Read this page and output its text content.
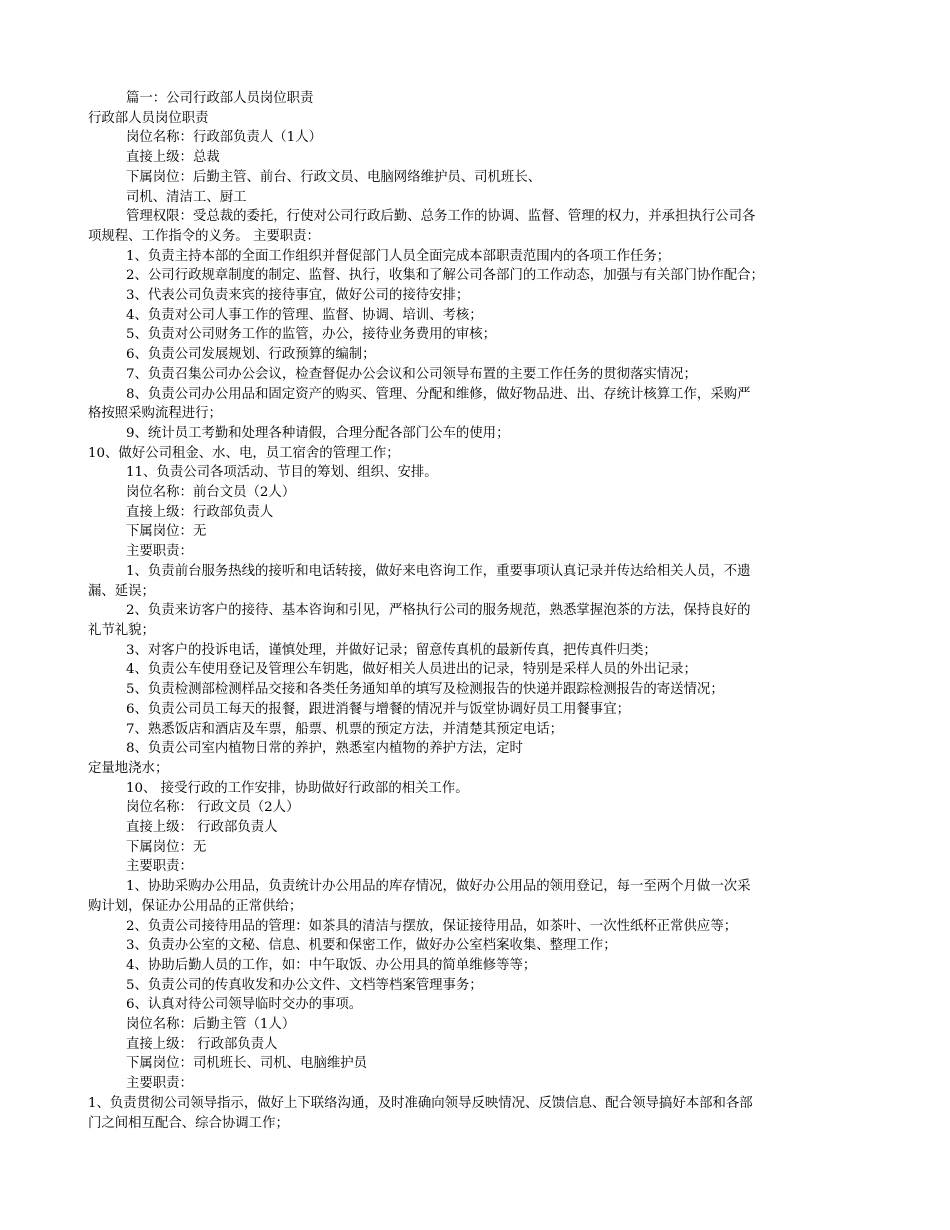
篇一：公司行政部人员岗位职责
行政部人员岗位职责
岗位名称：行政部负责人（1人）
直接上级：总裁
下属岗位：后勤主管、前台、行政文员、电脑网络维护员、司机班长、
司机、清洁工、厨工
管理权限：受总裁的委托，行使对公司行政后勤、总务工作的协调、监督、管理的权力，并承担执行公司各
项规程、工作指令的义务。 主要职责：
1、负责主持本部的全面工作组织并督促部门人员全面完成本部职责范围内的各项工作任务；
2、公司行政规章制度的制定、监督、执行，收集和了解公司各部门的工作动态，加强与有关部门协作配合；
3、代表公司负责来宾的接待事宜，做好公司的接待安排；
4、负责对公司人事工作的管理、监督、协调、培训、考核；
5、负责对公司财务工作的监管，办公，接待业务费用的审核；
6、负责公司发展规划、行政预算的编制；
7、负责召集公司办公会议，检查督促办公会议和公司领导布置的主要工作任务的贯彻落实情况；
8、负责公司办公用品和固定资产的购买、管理、分配和维修，做好物品进、出、存统计核算工作，采购严
格按照采购流程进行；
9、统计员工考勤和处理各种请假，合理分配各部门公车的使用；
10、做好公司租金、水、电，员工宿舍的管理工作；
11、负责公司各项活动、节目的筹划、组织、安排。
岗位名称：前台文员（2人）
直接上级：行政部负责人
下属岗位：无
主要职责：
1、负责前台服务热线的接听和电话转接，做好来电咨询工作，重要事项认真记录并传达给相关人员，不遗
漏、延误；
2、负责来访客户的接待、基本咨询和引见，严格执行公司的服务规范，熟悉掌握泡茶的方法，保持良好的
礼节礼貌；
3、对客户的投诉电话，谨慎处理，并做好记录；留意传真机的最新传真，把传真件归类；
4、负责公车使用登记及管理公车钥匙，做好相关人员进出的记录，特别是采样人员的外出记录；
5、负责检测部检测样品交接和各类任务通知单的填写及检测报告的快递并跟踪检测报告的寄送情况；
6、负责公司员工每天的报餐，跟进消餐与增餐的情况并与饭堂协调好员工用餐事宜；
7、熟悉饭店和酒店及车票，船票、机票的预定方法，并清楚其预定电话；
8、负责公司室内植物日常的养护，熟悉室内植物的养护方法，定时
定量地浇水；
10、 接受行政的工作安排，协助做好行政部的相关工作。
岗位名称： 行政文员（2人）
直接上级： 行政部负责人
下属岗位：无
主要职责：
1、协助采购办公用品，负责统计办公用品的库存情况，做好办公用品的领用登记，每一至两个月做一次采
购计划，保证办公用品的正常供给；
2、负责公司接待用品的管理：如茶具的清洁与摆放，保证接待用品，如茶叶、一次性纸杯正常供应等；
3、负责办公室的文秘、信息、机要和保密工作，做好办公室档案收集、整理工作；
4、协助后勤人员的工作，如：中午取饭、办公用具的简单维修等等；
5、负责公司的传真收发和办公文件、文档等档案管理事务；
6、认真对待公司领导临时交办的事项。
岗位名称：后勤主管（1人）
直接上级： 行政部负责人
下属岗位：司机班长、司机、电脑维护员
主要职责：
1、负责贯彻公司领导指示，做好上下联络沟通，及时准确向领导反映情况、反馈信息、配合领导搞好本部和各部
门之间相互配合、综合协调工作；
